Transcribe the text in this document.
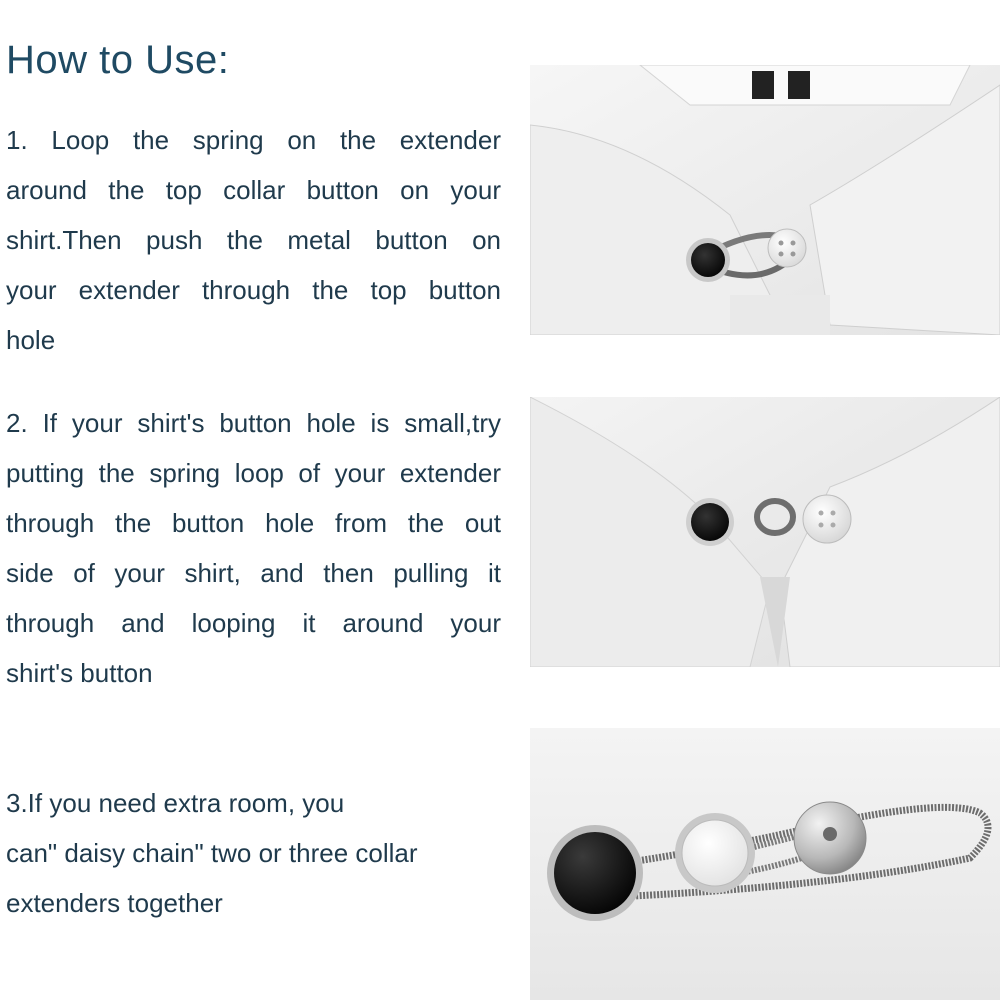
How to Use:
1. Loop the spring on the extender
around the top collar button on your
shirt.Then push the metal button on
your extender through the top button
hole
2. If your shirt's button hole is small,try
putting the spring loop of your extender
through the button hole from the out
side of your shirt, and then pulling it
through and looping it around your
shirt's button
3.If you need extra room, you
can" daisy chain" two or three collar
extenders together
